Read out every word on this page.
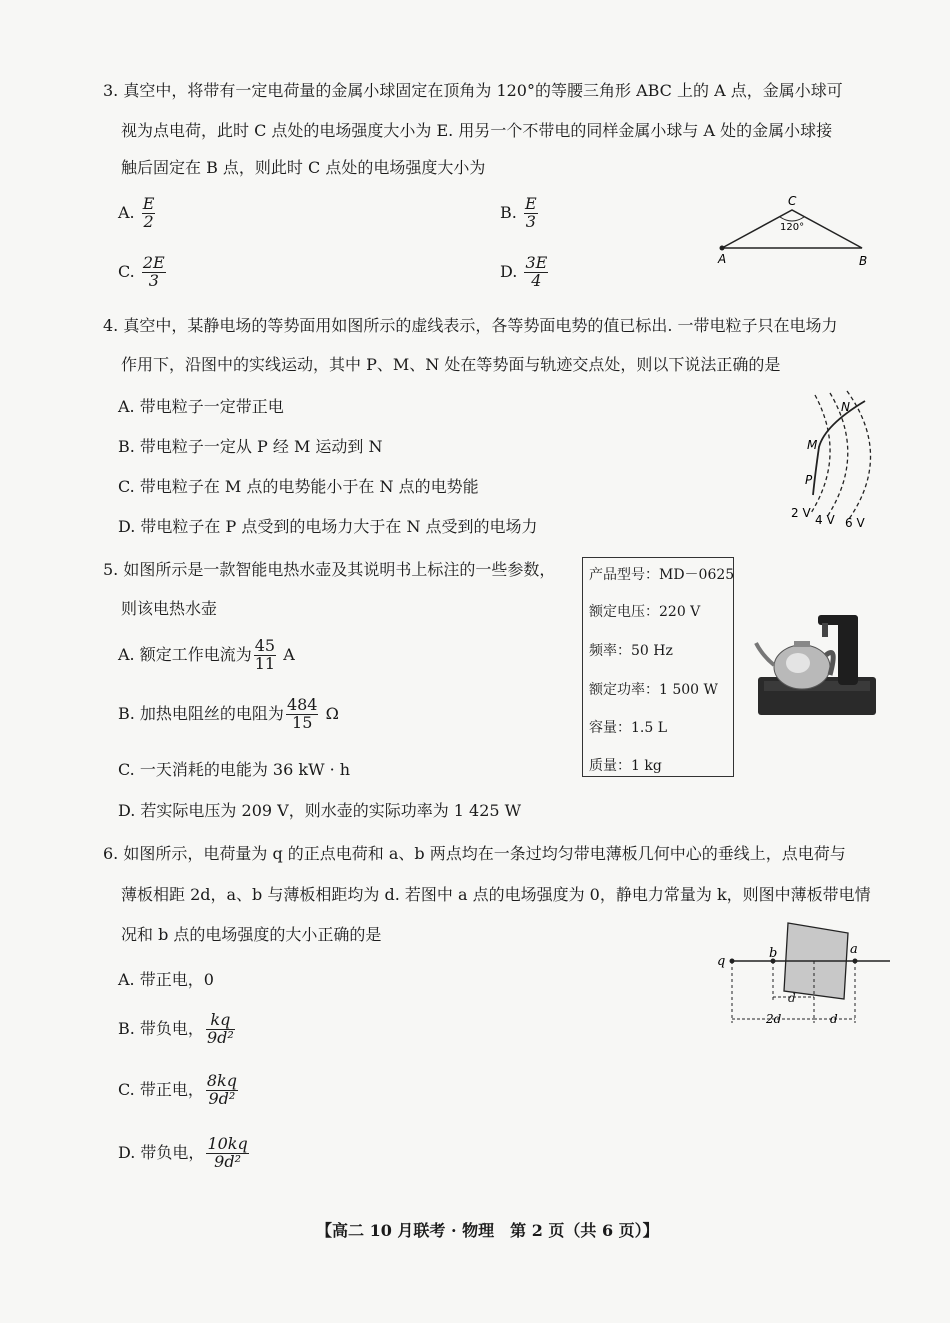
3. 真空中，将带有一定电荷量的金属小球固定在顶角为 120°的等腰三角形 ABC 上的 A 点，金属小球可
视为点电荷，此时 C 点处的电场强度大小为 E. 用另一个不带电的同样金属小球与 A 处的金属小球接
触后固定在 B 点，则此时 C 点处的电场强度大小为
A. $\frac{E}{2}$	B. $\frac{E}{3}$
C. $\frac{2E}{3}$	D. $\frac{3E}{4}$
C
120°
A	B
4. 真空中，某静电场的等势面用如图所示的虚线表示，各等势面电势的值已标出. 一带电粒子只在电场力
作用下，沿图中的实线运动，其中 P、M、N 处在等势面与轨迹交点处，则以下说法正确的是
A. 带电粒子一定带正电
B. 带电粒子一定从 P 经 M 运动到 N
C. 带电粒子在 M 点的电势能小于在 N 点的电势能
D. 带电粒子在 P 点受到的电场力大于在 N 点受到的电场力
N
M
P
2 V 4 V 6 V
5. 如图所示是一款智能电热水壶及其说明书上标注的一些参数，
则该电热水壶
A. 额定工作电流为 $\frac{45}{11}$ A
B. 加热电阻丝的电阻为 $\frac{484}{15}$ Ω
C. 一天消耗的电能为 36 kW · h
D. 若实际电压为 209 V，则水壶的实际功率为 1 425 W
产品型号：MD－0625
额定电压：220 V
频率：50 Hz
额定功率：1 500 W
容量：1.5 L
质量：1 kg
6. 如图所示，电荷量为 q 的正点电荷和 a、b 两点均在一条过均匀带电薄板几何中心的垂线上，点电荷与
薄板相距 2d，a、b 与薄板相距均为 d. 若图中 a 点的电场强度为 0，静电力常量为 k，则图中薄板带电情
况和 b 点的电场强度的大小正确的是
A. 带正电，0
B. 带负电， $\frac{kq}{\text{9d²}}$
C. 带正电， $\frac{8kq}{\text{9d²}}$
D. 带负电， $\frac{10kq}{\text{9d²}}$
q
b	a
d
2d	d
【高二 10 月联考 · 物理　第 2 页（共 6 页）】
